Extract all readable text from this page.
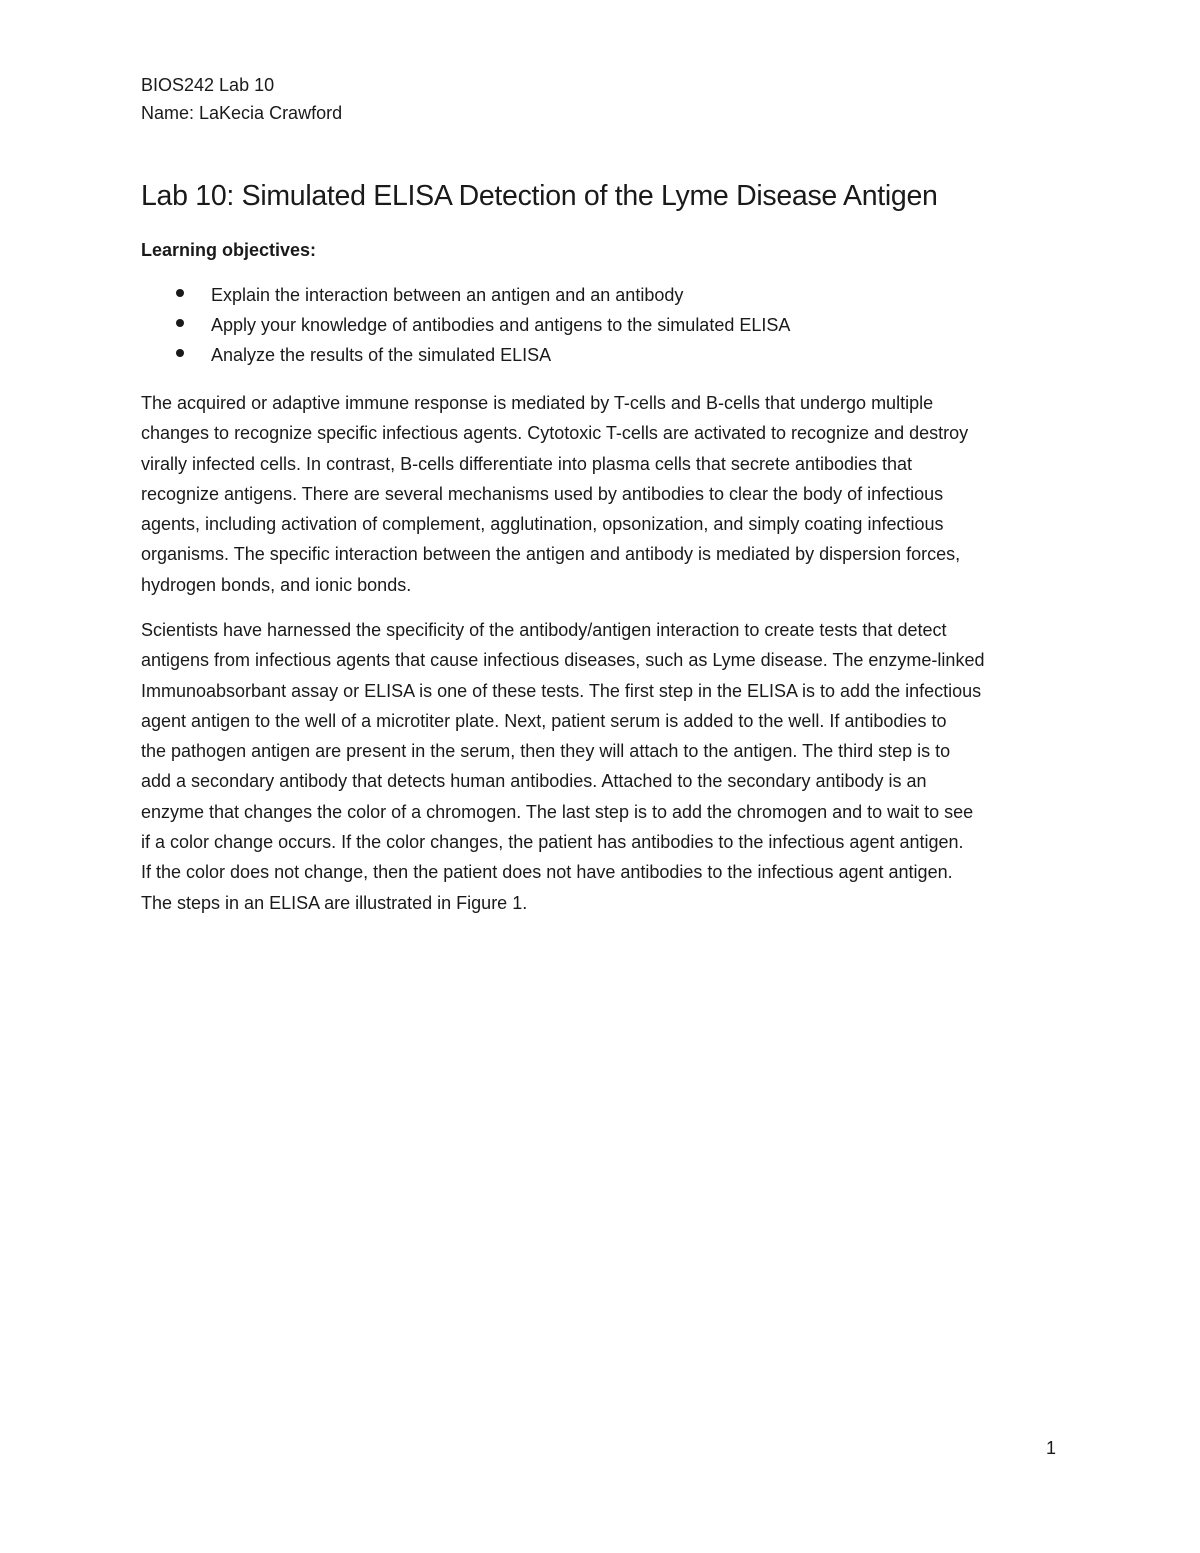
BIOS242 Lab 10
Name: LaKecia Crawford
Lab 10: Simulated ELISA Detection of the Lyme Disease Antigen
Learning objectives:
Explain the interaction between an antigen and an antibody
Apply your knowledge of antibodies and antigens to the simulated ELISA
Analyze the results of the simulated ELISA

The acquired or adaptive immune response is mediated by T-cells and B-cells that undergo multiple
changes to recognize specific infectious agents. Cytotoxic T-cells are activated to recognize and destroy
virally infected cells. In contrast, B-cells differentiate into plasma cells that secrete antibodies that
recognize antigens. There are several mechanisms used by antibodies to clear the body of infectious
agents, including activation of complement, agglutination, opsonization, and simply coating infectious
organisms. The specific interaction between the antigen and antibody is mediated by dispersion forces,
hydrogen bonds, and ionic bonds.

Scientists have harnessed the specificity of the antibody/antigen interaction to create tests that detect
antigens from infectious agents that cause infectious diseases, such as Lyme disease. The enzyme-linked
Immunoabsorbant assay or ELISA is one of these tests. The first step in the ELISA is to add the infectious
agent antigen to the well of a microtiter plate. Next, patient serum is added to the well. If antibodies to
the pathogen antigen are present in the serum, then they will attach to the antigen. The third step is to
add a secondary antibody that detects human antibodies. Attached to the secondary antibody is an
enzyme that changes the color of a chromogen. The last step is to add the chromogen and to wait to see
if a color change occurs. If the color changes, the patient has antibodies to the infectious agent antigen.
If the color does not change, then the patient does not have antibodies to the infectious agent antigen.
The steps in an ELISA are illustrated in Figure 1.

1
